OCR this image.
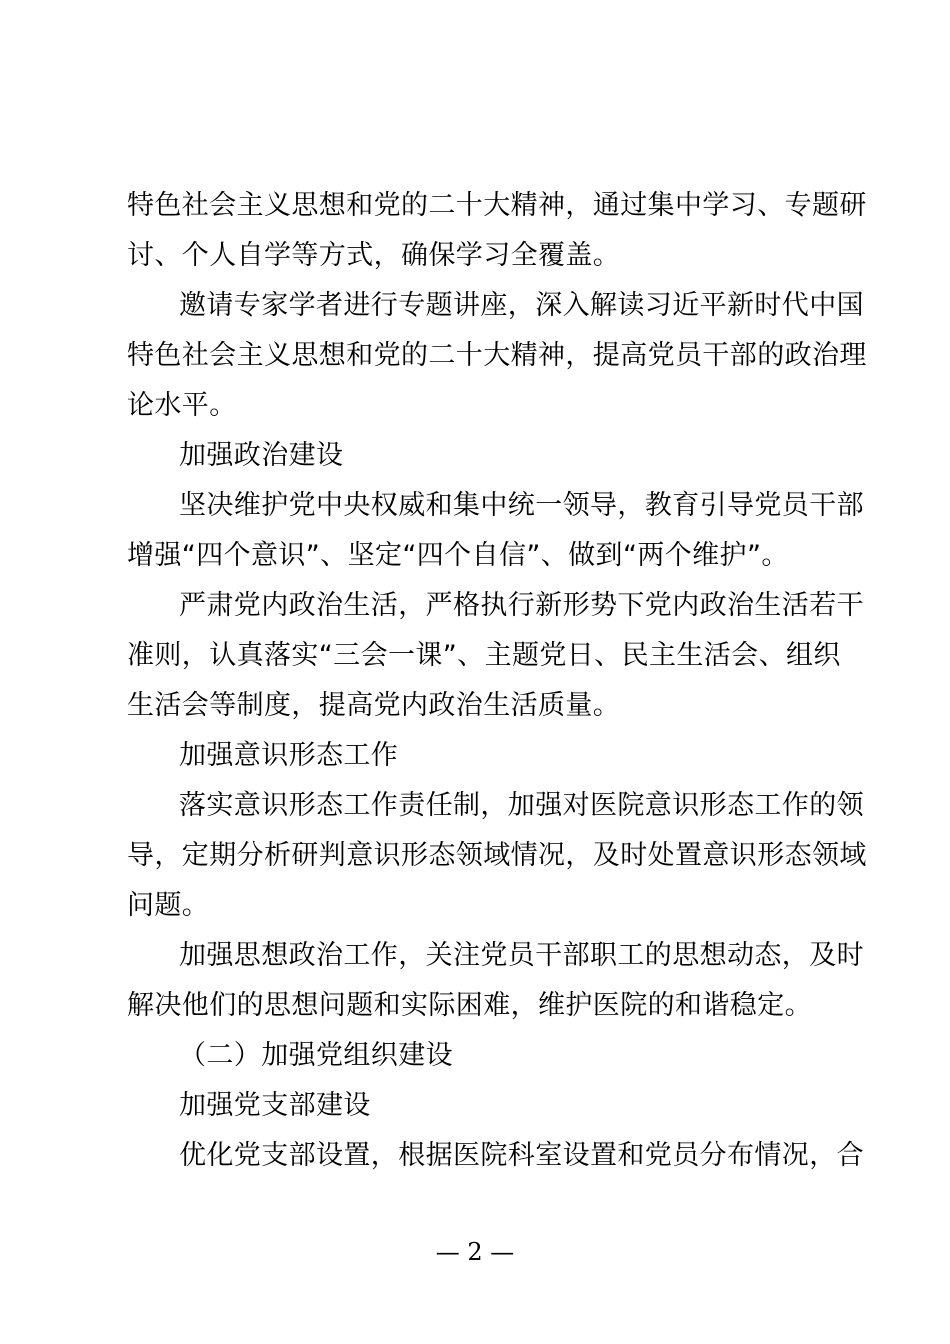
特色社会主义思想和党的二十大精神，通过集中学习、专题研
讨、个人自学等方式，确保学习全覆盖。
邀请专家学者进行专题讲座，深入解读习近平新时代中国
特色社会主义思想和党的二十大精神，提高党员干部的政治理
论水平。
加强政治建设
坚决维护党中央权威和集中统一领导，教育引导党员干部
增强“四个意识”、坚定“四个自信”、做到“两个维护”。
严肃党内政治生活，严格执行新形势下党内政治生活若干
准则，认真落实“三会一课”、主题党日、民主生活会、组织
生活会等制度，提高党内政治生活质量。
加强意识形态工作
落实意识形态工作责任制，加强对医院意识形态工作的领
导，定期分析研判意识形态领域情况，及时处置意识形态领域
问题。
加强思想政治工作，关注党员干部职工的思想动态，及时
解决他们的思想问题和实际困难，维护医院的和谐稳定。
（二）加强党组织建设
加强党支部建设
优化党支部设置，根据医院科室设置和党员分布情况，合
— 2 —
